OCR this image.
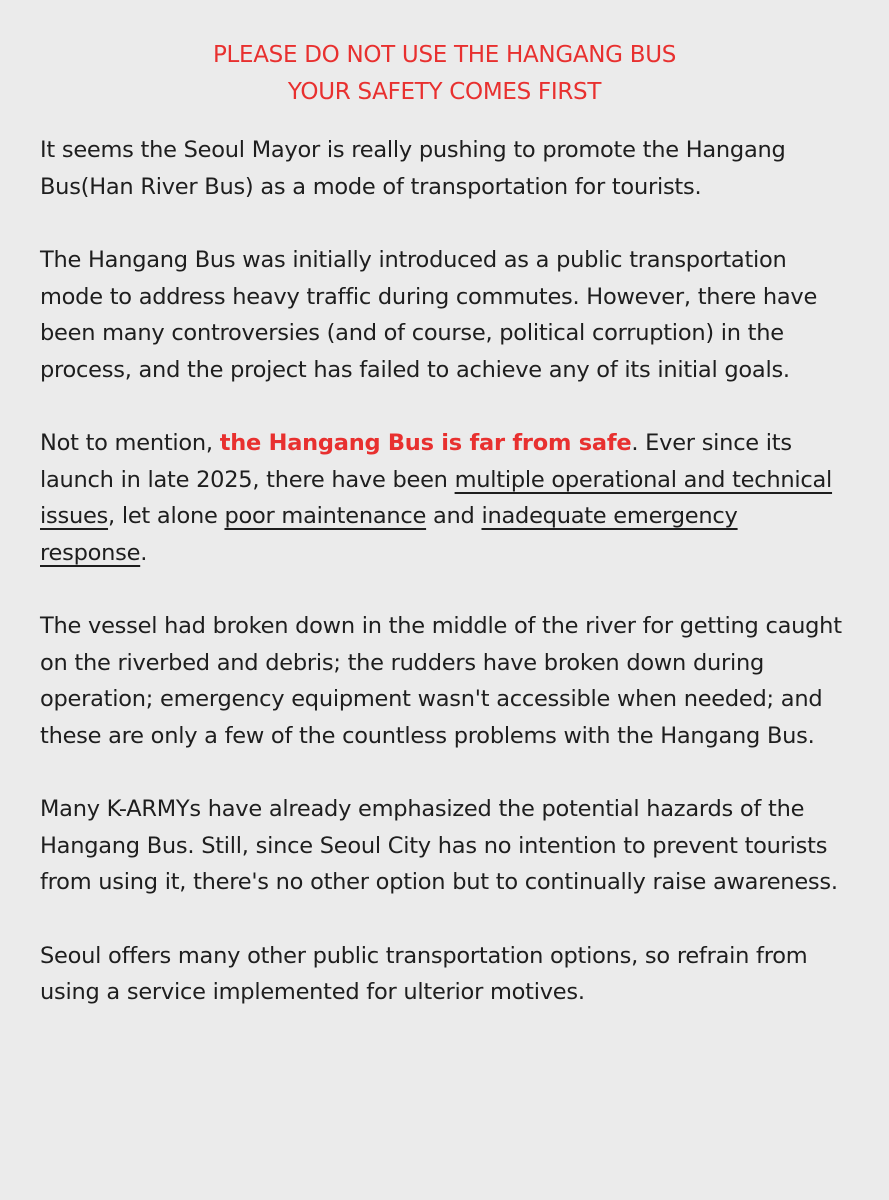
PLEASE DO NOT USE THE HANGANG BUS
YOUR SAFETY COMES FIRST

It seems the Seoul Mayor is really pushing to promote the Hangang Bus(Han River Bus) as a mode of transportation for tourists.

The Hangang Bus was initially introduced as a public transportation mode to address heavy traffic during commutes. However, there have been many controversies (and of course, political corruption) in the process, and the project has failed to achieve any of its initial goals.

Not to mention, the Hangang Bus is far from safe. Ever since its launch in late 2025, there have been multiple operational and technical issues, let alone poor maintenance and inadequate emergency response.

The vessel had broken down in the middle of the river for getting caught on the riverbed and debris; the rudders have broken down during operation; emergency equipment wasn't accessible when needed; and these are only a few of the countless problems with the Hangang Bus.

Many K-ARMYs have already emphasized the potential hazards of the Hangang Bus. Still, since Seoul City has no intention to prevent tourists from using it, there's no other option but to continually raise awareness.

Seoul offers many other public transportation options, so refrain from using a service implemented for ulterior motives.
